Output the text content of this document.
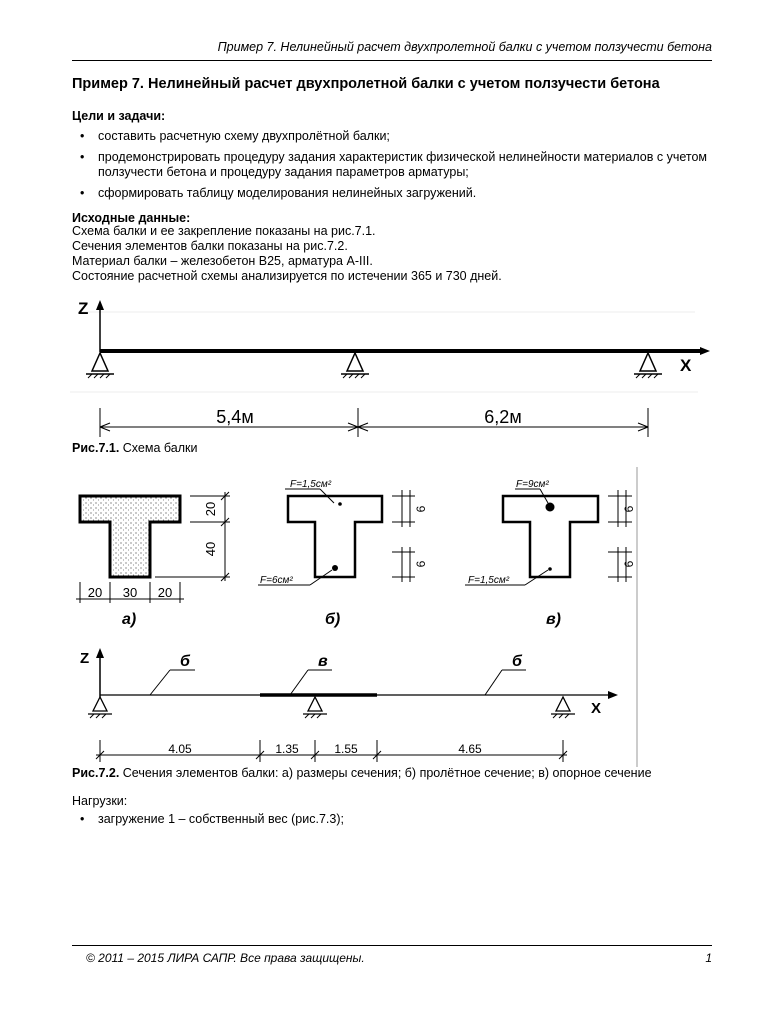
Пример 7. Нелинейный расчет двухпролетной балки с учетом ползучести бетона
Пример 7. Нелинейный расчет двухпролетной балки с учетом ползучести бетона
Цели и задачи:
• составить расчетную схему двухпролётной балки;
• продемонстрировать процедуру задания характеристик физической нелинейности материалов с учетом ползучести бетона и процедуру задания параметров арматуры;
• сформировать таблицу моделирования нелинейных загружений.
Исходные данные:
Схема балки и ее закрепление показаны на рис.7.1.
Сечения элементов балки показаны на рис.7.2.
Материал балки – железобетон B25, арматура А-III.
Состояние расчетной схемы анализируется по истечении 365 и 730 дней.
Z
X
5,4м	6,2м
Рис.7.1. Схема балки
20
40
20 30 20
F=1,5см²
F=6см²
6
6
F=9см²
F=1,5см²
6
6
а)	б)	в)
Z
X
б	в	б
4.05	1.35	1.55	4.65
Рис.7.2. Сечения элементов балки: а) размеры сечения; б) пролётное сечение; в) опорное сечение
Нагрузки:
• загружение 1 – собственный вес (рис.7.3);
© 2011 – 2015 ЛИРА САПР. Все права защищены.	1
